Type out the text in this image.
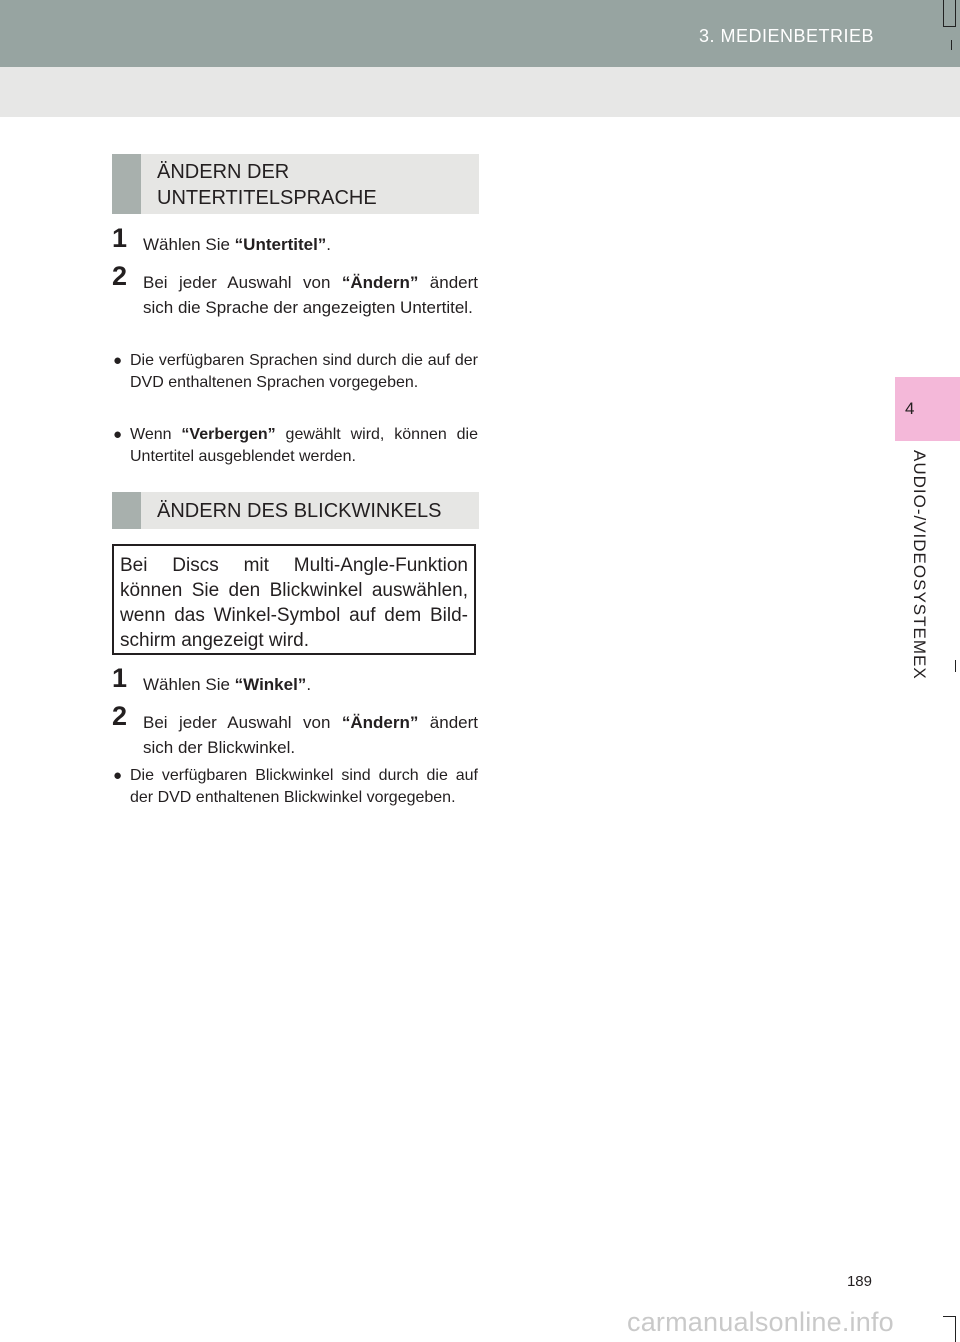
3. MEDIENBETRIEB
4
AUDIO-/VIDEOSYSTEMEX
ÄNDERN DER
UNTERTITELSPRACHE
1 Wählen Sie “Untertitel”.
2 Bei jeder Auswahl von “Ändern” ändert sich die Sprache der angezeigten Untertitel.
● Die verfügbaren Sprachen sind durch die auf der DVD enthaltenen Sprachen vorgegeben.
● Wenn “Verbergen” gewählt wird, können die Untertitel ausgeblendet werden.
ÄNDERN DES BLICKWINKELS
Bei Discs mit Multi-Angle-Funktion können Sie den Blickwinkel auswählen, wenn das Winkel-Symbol auf dem Bildschirm angezeigt wird.
1 Wählen Sie “Winkel”.
2 Bei jeder Auswahl von “Ändern” ändert sich der Blickwinkel.
● Die verfügbaren Blickwinkel sind durch die auf der DVD enthaltenen Blickwinkel vorgegeben.
189
carmanualsonline.info
